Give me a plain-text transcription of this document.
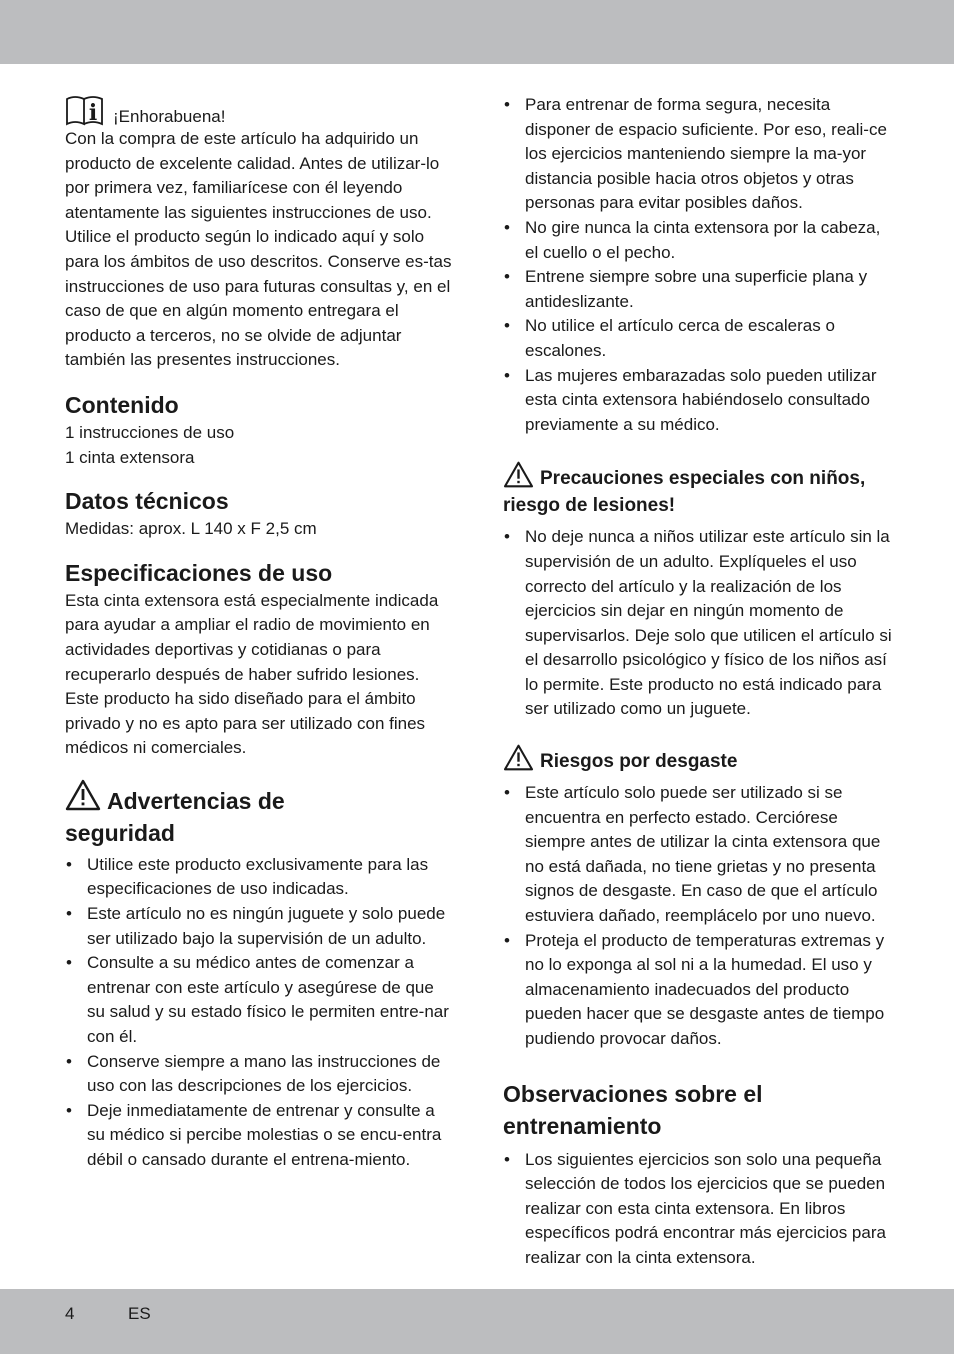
i ¡Enhorabuena!

Con la compra de este artículo ha adquirido un producto de excelente calidad. Antes de utilizar-lo por primera vez, familiarícese con él leyendo atentamente las siguientes instrucciones de uso. Utilice el producto según lo indicado aquí y solo para los ámbitos de uso descritos. Conserve es-tas instrucciones de uso para futuras consultas y, en el caso de que en algún momento entregara el producto a terceros, no se olvide de adjuntar también las presentes instrucciones.

Contenido

1 instrucciones de uso

1 cinta extensora

Datos técnicos

Medidas: aprox. L 140 x F 2,5 cm

Especificaciones de uso

Esta cinta extensora está especialmente indicada para ayudar a ampliar el radio de movimiento en actividades deportivas y cotidianas o para recuperarlo después de haber sufrido lesiones. Este producto ha sido diseñado para el ámbito privado y no es apto para ser utilizado con fines médicos ni comerciales.

Advertencias de
seguridad
• Utilice este producto exclusivamente para las especificaciones de uso indicadas.
• Este artículo no es ningún juguete y solo puede ser utilizado bajo la supervisión de un adulto.
• Consulte a su médico antes de comenzar a entrenar con este artículo y asegúrese de que su salud y su estado físico le permiten entre-nar con él.
• Conserve siempre a mano las instrucciones de uso con las descripciones de los ejercicios.
• Deje inmediatamente de entrenar y consulte a su médico si percibe molestias o se encu-entra débil o cansado durante el entrena-miento.
• Para entrenar de forma segura, necesita disponer de espacio suficiente. Por eso, reali-ce los ejercicios manteniendo siempre la ma-yor distancia posible hacia otros objetos y otras personas para evitar posibles daños.
• No gire nunca la cinta extensora por la cabeza, el cuello o el pecho.
• Entrene siempre sobre una superficie plana y antideslizante.
• No utilice el artículo cerca de escaleras o escalones.
• Las mujeres embarazadas solo pueden utilizar esta cinta extensora habiéndoselo consultado previamente a su médico.
Precauciones especiales con niños, riesgo de lesiones!
• No deje nunca a niños utilizar este artículo sin la supervisión de un adulto. Explíqueles el uso correcto del artículo y la realización de los ejercicios sin dejar en ningún momento de supervisarlos. Deje solo que utilicen el artículo si el desarrollo psicológico y físico de los niños así lo permite. Este producto no está indicado para ser utilizado como un juguete.
Riesgos por desgaste
• Este artículo solo puede ser utilizado si se encuentra en perfecto estado. Cerciórese siempre antes de utilizar la cinta extensora que no está dañada, no tiene grietas y no presenta signos de desgaste. En caso de que el artículo estuviera dañado, reemplácelo por uno nuevo.
• Proteja el producto de temperaturas extremas y no lo exponga al sol ni a la humedad. El uso y almacenamiento inadecuados del producto pueden hacer que se desgaste antes de tiempo pudiendo provocar daños.
Observaciones sobre el
entrenamiento
• Los siguientes ejercicios son solo una pequeña selección de todos los ejercicios que se pueden realizar con esta cinta extensora. En libros específicos podrá encontrar más ejercicios para realizar con la cinta extensora.
4	ES
